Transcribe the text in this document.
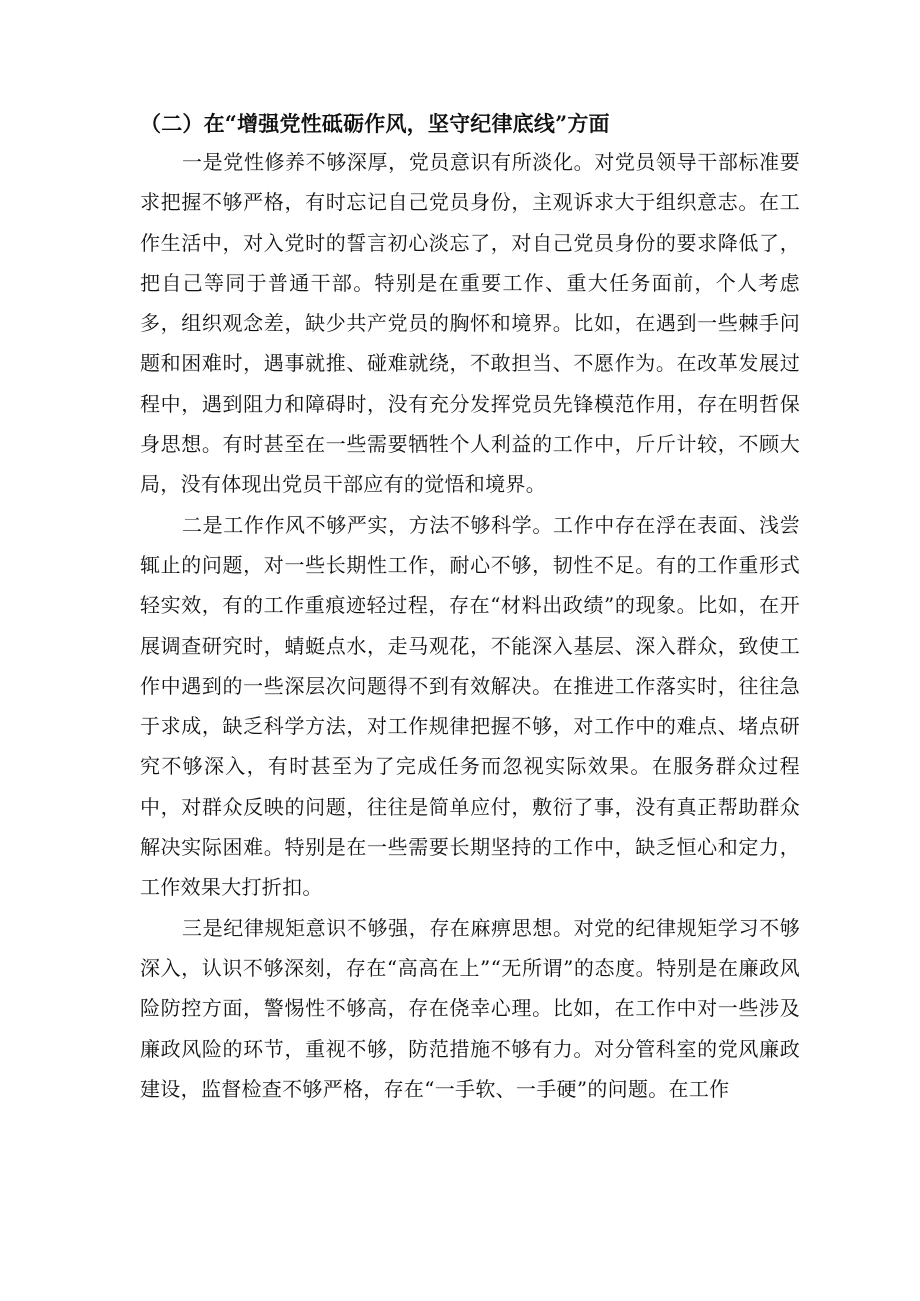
（二）在“增强党性砥砺作风，坚守纪律底线”方面

一是党性修养不够深厚，党员意识有所淡化。对党员领导干部标准要求把握不够严格，有时忘记自己党员身份，主观诉求大于组织意志。在工作生活中，对入党时的誓言初心淡忘了，对自己党员身份的要求降低了，把自己等同于普通干部。特别是在重要工作、重大任务面前，个人考虑多，组织观念差，缺少共产党员的胸怀和境界。比如，在遇到一些棘手问题和困难时，遇事就推、碰难就绕，不敢担当、不愿作为。在改革发展过程中，遇到阻力和障碍时，没有充分发挥党员先锋模范作用，存在明哲保身思想。有时甚至在一些需要牺牲个人利益的工作中，斤斤计较，不顾大局，没有体现出党员干部应有的觉悟和境界。

二是工作作风不够严实，方法不够科学。工作中存在浮在表面、浅尝辄止的问题，对一些长期性工作，耐心不够，韧性不足。有的工作重形式轻实效，有的工作重痕迹轻过程，存在“材料出政绩”的现象。比如，在开展调查研究时，蜻蜓点水，走马观花，不能深入基层、深入群众，致使工作中遇到的一些深层次问题得不到有效解决。在推进工作落实时，往往急于求成，缺乏科学方法，对工作规律把握不够，对工作中的难点、堵点研究不够深入，有时甚至为了完成任务而忽视实际效果。在服务群众过程中，对群众反映的问题，往往是简单应付，敷衍了事，没有真正帮助群众解决实际困难。特别是在一些需要长期坚持的工作中，缺乏恒心和定力，工作效果大打折扣。

三是纪律规矩意识不够强，存在麻痹思想。对党的纪律规矩学习不够深入，认识不够深刻，存在“高高在上”“无所谓”的态度。特别是在廉政风险防控方面，警惕性不够高，存在侥幸心理。比如，在工作中对一些涉及廉政风险的环节，重视不够，防范措施不够有力。对分管科室的党风廉政建设，监督检查不够严格，存在“一手软、一手硬”的问题。在工作
